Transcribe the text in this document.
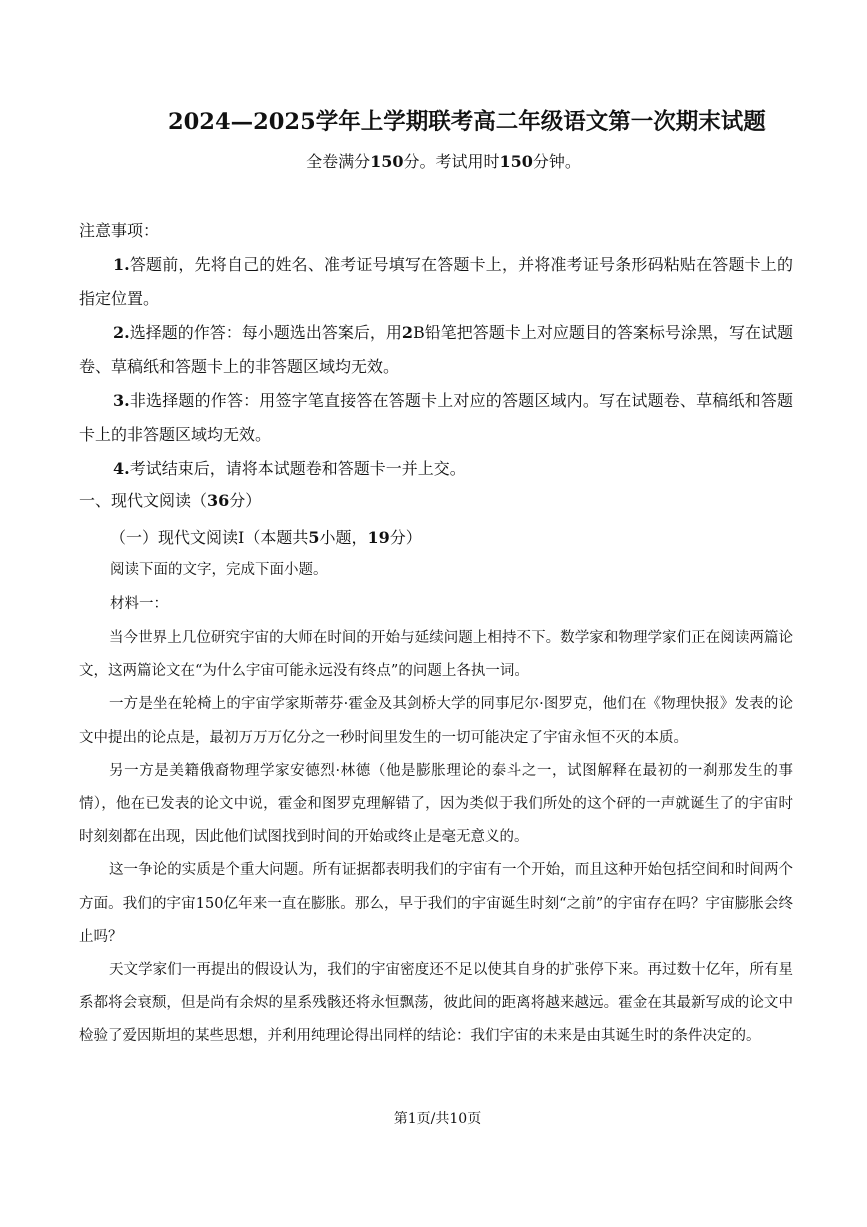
2024—2025学年上学期联考高二年级语文第一次期末试题
全卷满分150分。考试用时150分钟。
注意事项：

1.答题前，先将自己的姓名、准考证号填写在答题卡上，并将准考证号条形码粘贴在答题卡上的指定位置。

2.选择题的作答：每小题选出答案后，用2B铅笔把答题卡上对应题目的答案标号涂黑，写在试题卷、草稿纸和答题卡上的非答题区域均无效。

3.非选择题的作答：用签字笔直接答在答题卡上对应的答题区域内。写在试题卷、草稿纸和答题卡上的非答题区域均无效。

4.考试结束后，请将本试题卷和答题卡一并上交。

一、现代文阅读（36分）
（一）现代文阅读Ⅰ（本题共5小题，19分）
阅读下面的文字，完成下面小题。
材料一：

当今世界上几位研究宇宙的大师在时间的开始与延续问题上相持不下。数学家和物理学家们正在阅读两篇论文，这两篇论文在“为什么宇宙可能永远没有终点”的问题上各执一词。

一方是坐在轮椅上的宇宙学家斯蒂芬·霍金及其剑桥大学的同事尼尔·图罗克，他们在《物理快报》发表的论文中提出的论点是，最初万万万亿分之一秒时间里发生的一切可能决定了宇宙永恒不灭的本质。

另一方是美籍俄裔物理学家安德烈·林德（他是膨胀理论的泰斗之一，试图解释在最初的一刹那发生的事情），他在已发表的论文中说，霍金和图罗克理解错了，因为类似于我们所处的这个砰的一声就诞生了的宇宙时时刻刻都在出现，因此他们试图找到时间的开始或终止是毫无意义的。

这一争论的实质是个重大问题。所有证据都表明我们的宇宙有一个开始，而且这种开始包括空间和时间两个方面。我们的宇宙150亿年来一直在膨胀。那么，早于我们的宇宙诞生时刻“之前”的宇宙存在吗？宇宙膨胀会终止吗？

天文学家们一再提出的假设认为，我们的宇宙密度还不足以使其自身的扩张停下来。再过数十亿年，所有星系都将会衰颓，但是尚有余烬的星系残骸还将永恒飘荡，彼此间的距离将越来越远。霍金在其最新写成的论文中检验了爱因斯坦的某些思想，并利用纯理论得出同样的结论：我们宇宙的未来是由其诞生时的条件决定的。

第1页/共10页
